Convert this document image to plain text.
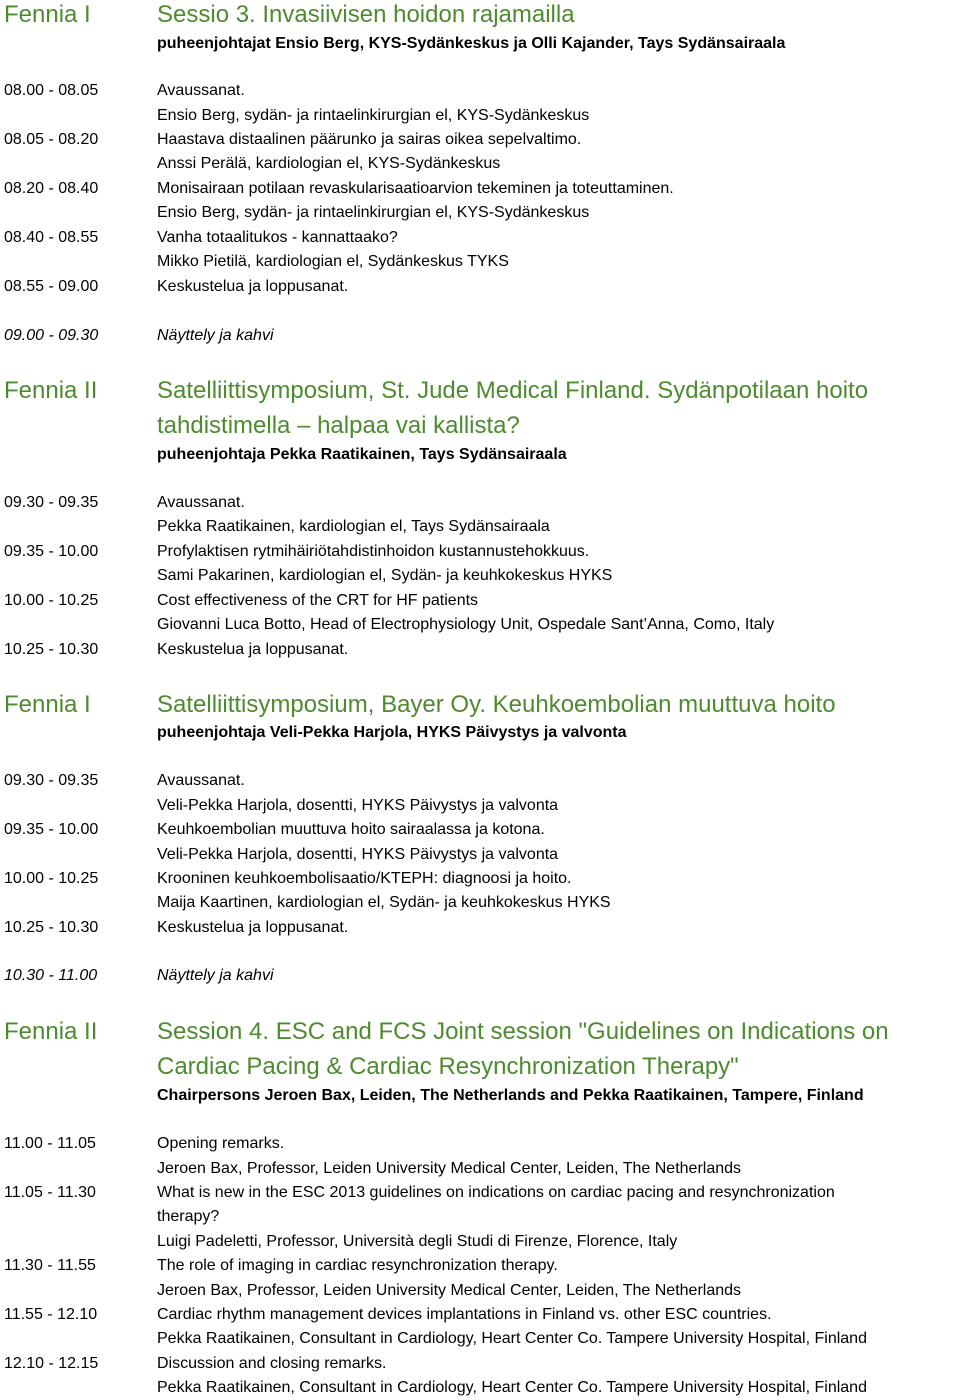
Fennia I	Sessio 3. Invasiivisen hoidon rajamailla
puheenjohtajat Ensio Berg, KYS-Sydänkeskus ja Olli Kajander, Tays Sydänsairaala
08.00 - 08.05	Avaussanat.
Ensio Berg, sydän- ja rintaelinkirurgian el, KYS-Sydänkeskus
08.05 - 08.20	Haastava distaalinen päärunko ja sairas oikea sepelvaltimo.
Anssi Perälä, kardiologian el, KYS-Sydänkeskus
08.20 - 08.40	Monisairaan potilaan revaskularisaatioarvion tekeminen ja toteuttaminen.
Ensio Berg, sydän- ja rintaelinkirurgian el, KYS-Sydänkeskus
08.40 - 08.55	Vanha totaalitukos - kannattaako?
Mikko Pietilä, kardiologian el, Sydänkeskus TYKS
08.55 - 09.00	Keskustelua ja loppusanat.
09.00 - 09.30	Näyttely ja kahvi
Fennia II Satelliittisymposium, St. Jude Medical Finland. Sydänpotilaan hoito
tahdistimella – halpaa vai kallista?
puheenjohtaja Pekka Raatikainen, Tays Sydänsairaala
09.30 - 09.35	Avaussanat.
Pekka Raatikainen, kardiologian el, Tays Sydänsairaala
09.35 - 10.00	Profylaktisen rytmihäiriötahdistinhoidon kustannustehokkuus.
Sami Pakarinen, kardiologian el, Sydän- ja keuhkokeskus HYKS
10.00 - 10.25	Cost effectiveness of the CRT for HF patients
Giovanni Luca Botto, Head of Electrophysiology Unit, Ospedale Sant’Anna, Como, Italy
10.25 - 10.30	Keskustelua ja loppusanat.
Fennia I	Satelliittisymposium, Bayer Oy. Keuhkoembolian muuttuva hoito
puheenjohtaja Veli-Pekka Harjola, HYKS Päivystys ja valvonta
09.30 - 09.35	Avaussanat.
Veli-Pekka Harjola, dosentti, HYKS Päivystys ja valvonta
09.35 - 10.00	Keuhkoembolian muuttuva hoito sairaalassa ja kotona.
Veli-Pekka Harjola, dosentti, HYKS Päivystys ja valvonta
10.00 - 10.25	Krooninen keuhkoembolisaatio/KTEPH: diagnoosi ja hoito.
Maija Kaartinen, kardiologian el, Sydän- ja keuhkokeskus HYKS
10.25 - 10.30	Keskustelua ja loppusanat.
10.30 - 11.00	Näyttely ja kahvi
Fennia II Session 4. ESC and FCS Joint session "Guidelines on Indications on
Cardiac Pacing & Cardiac Resynchronization Therapy"
Chairpersons Jeroen Bax, Leiden, The Netherlands and Pekka Raatikainen, Tampere, Finland
11.00 - 11.05	Opening remarks.
Jeroen Bax, Professor, Leiden University Medical Center, Leiden, The Netherlands
11.05 - 11.30	What is new in the ESC 2013 guidelines on indications on cardiac pacing and resynchronization
therapy?
Luigi Padeletti, Professor, Università degli Studi di Firenze, Florence, Italy
11.30 - 11.55	The role of imaging in cardiac resynchronization therapy.
Jeroen Bax, Professor, Leiden University Medical Center, Leiden, The Netherlands
11.55 - 12.10	Cardiac rhythm management devices implantations in Finland vs. other ESC countries.
Pekka Raatikainen, Consultant in Cardiology, Heart Center Co. Tampere University Hospital, Finland
12.10 - 12.15	Discussion and closing remarks.
Pekka Raatikainen, Consultant in Cardiology, Heart Center Co. Tampere University Hospital, Finland
